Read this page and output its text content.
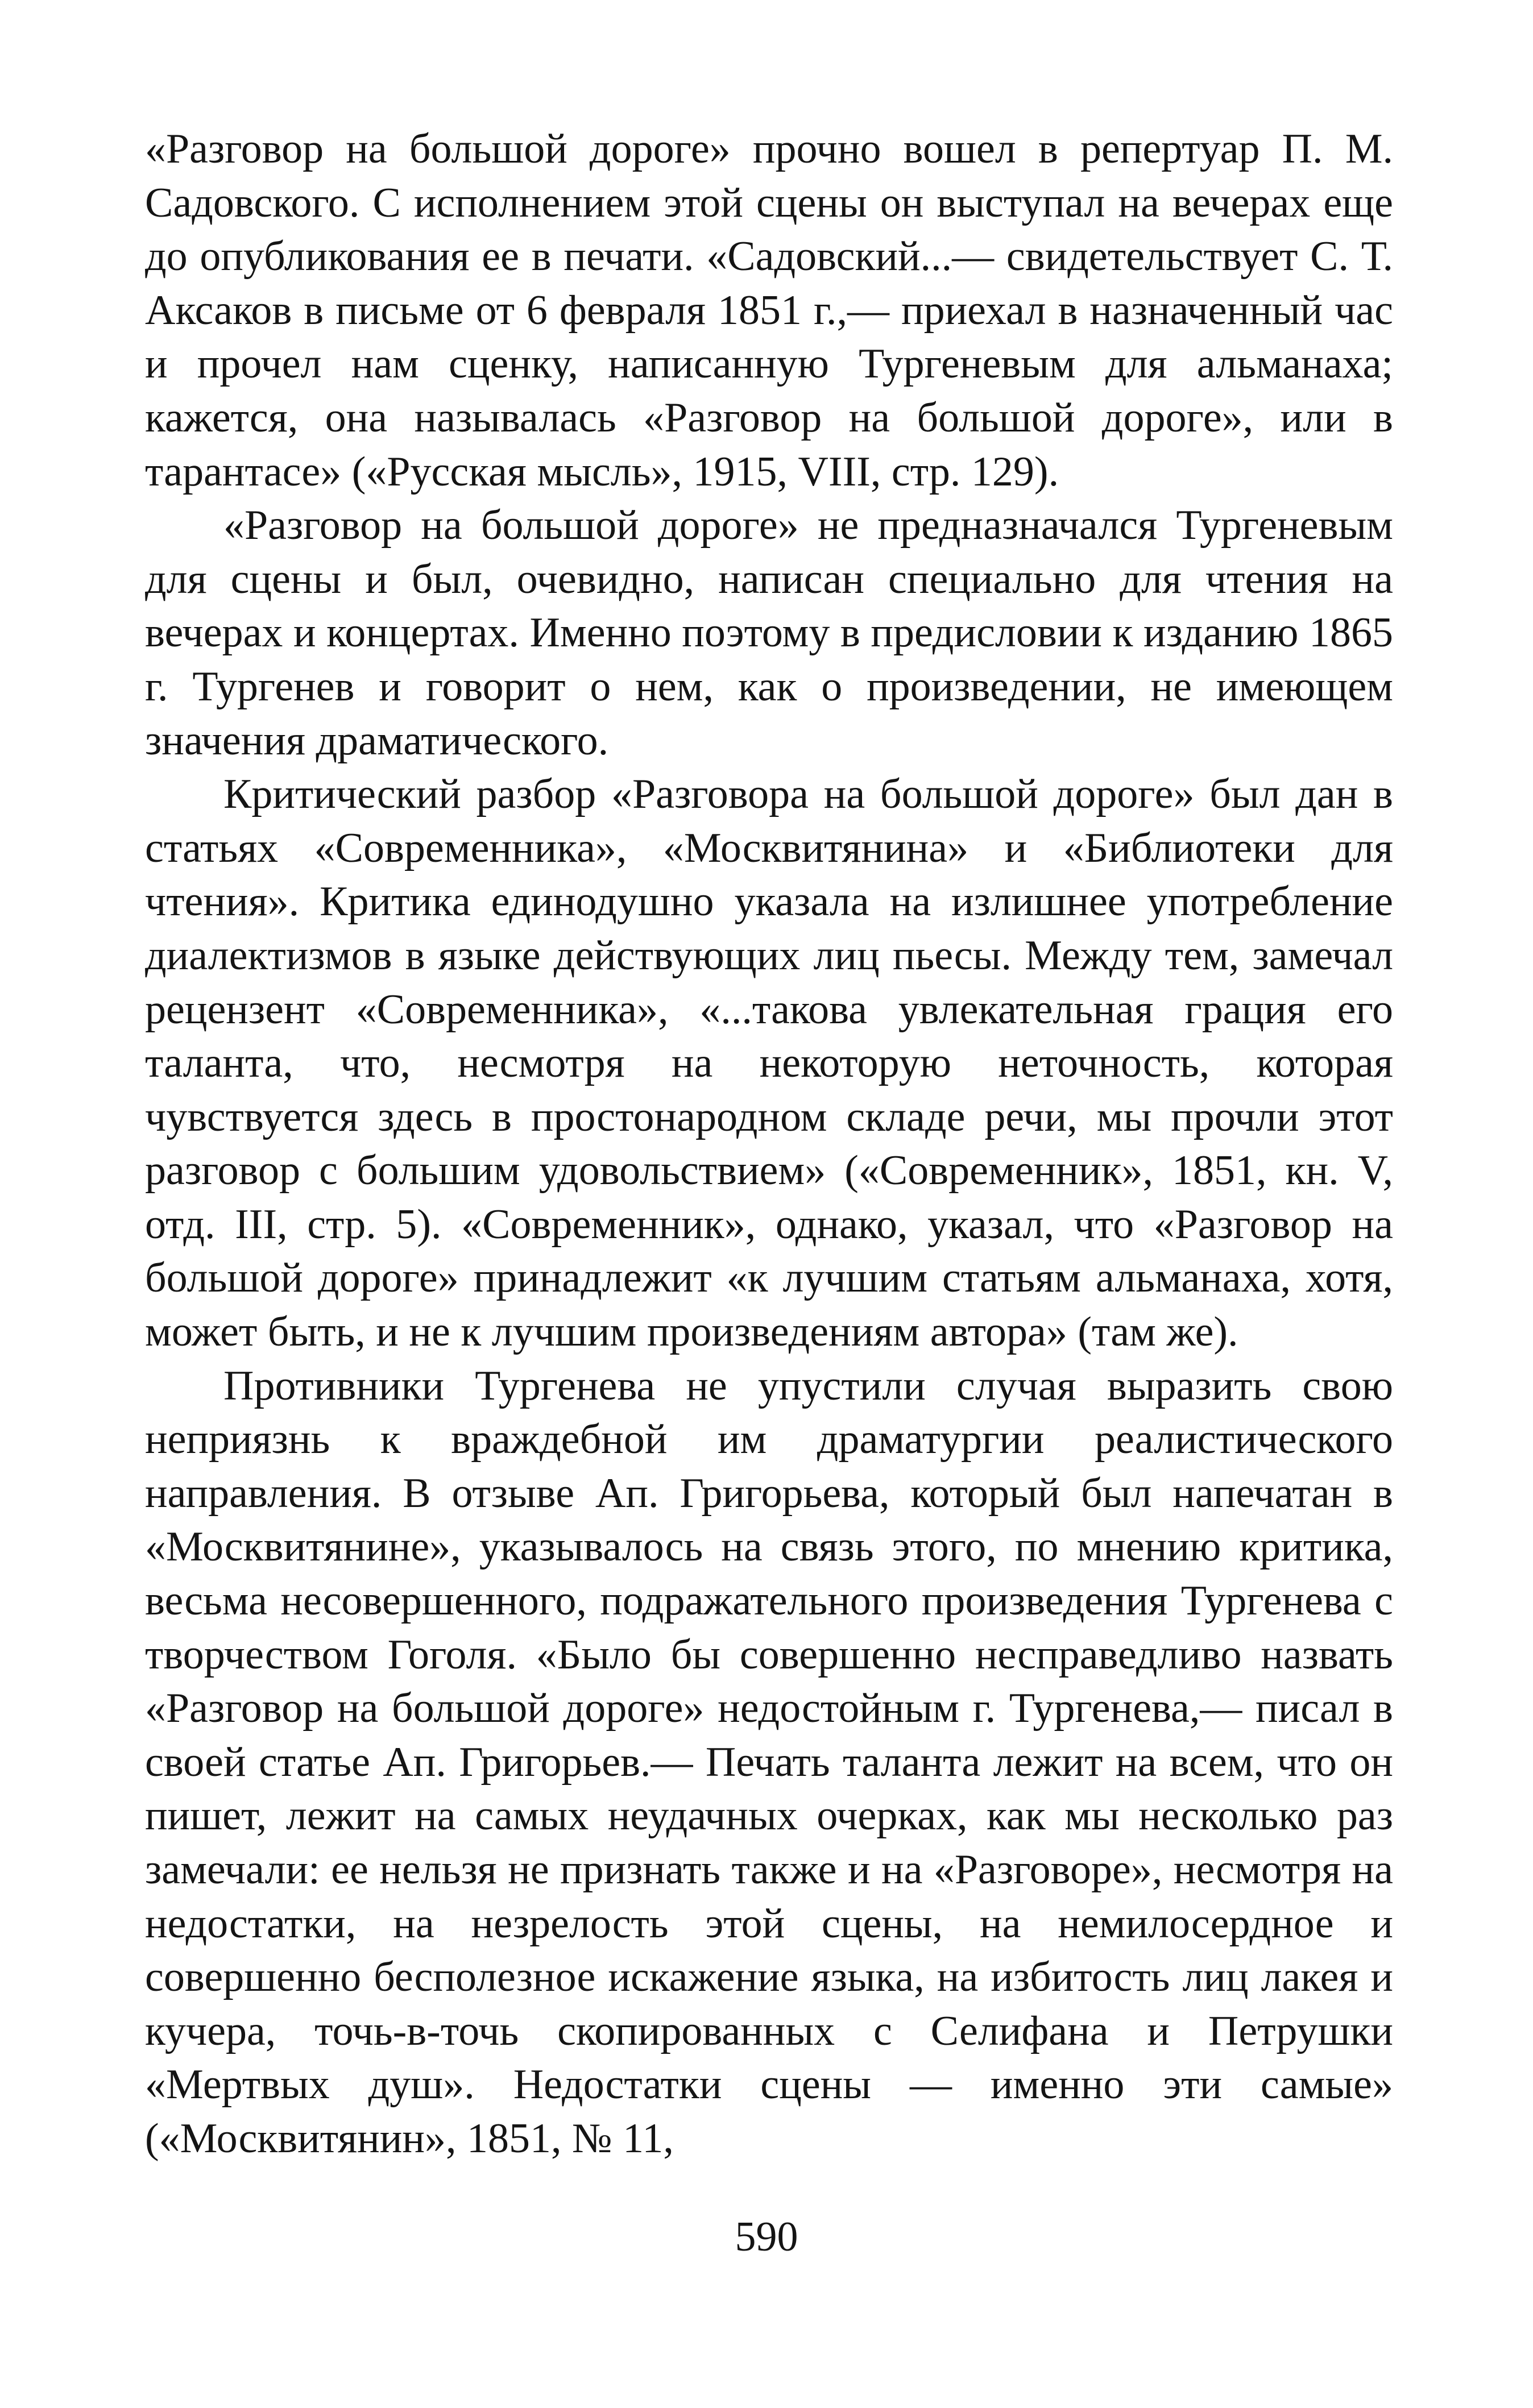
«Разговор на большой дороге» прочно вошел в репертуар П. М. Садовского. С исполнением этой сцены он выступал на вечерах еще до опубликования ее в печати. «Садовский...— свидетельствует С. Т. Аксаков в письме от 6 февраля 1851 г.,— приехал в назначенный час и прочел нам сценку, написанную Тургеневым для альманаха; кажется, она называлась «Разговор на большой дороге», или в тарантасе» («Русская мысль», 1915, VIII, стр. 129).

«Разговор на большой дороге» не предназначался Тургеневым для сцены и был, очевидно, написан специально для чтения на вечерах и концертах. Именно поэтому в предисловии к изданию 1865 г. Тургенев и говорит о нем, как о произведении, не имеющем значения драматического.

Критический разбор «Разговора на большой дороге» был дан в статьях «Современника», «Москвитянина» и «Библиотеки для чтения». Критика единодушно указала на излишнее употребление диалектизмов в языке действующих лиц пьесы. Между тем, замечал рецензент «Современника», «...такова увлекательная грация его таланта, что, несмотря на некоторую неточность, которая чувствуется здесь в простонародном складе речи, мы прочли этот разговор с большим удовольствием» («Современник», 1851, кн. V, отд. III, стр. 5). «Современник», однако, указал, что «Разговор на большой дороге» принадлежит «к лучшим статьям альманаха, хотя, может быть, и не к лучшим произведениям автора» (там же).

Противники Тургенева не упустили случая выразить свою неприязнь к враждебной им драматургии реалистического направления. В отзыве Ап. Григорьева, который был напечатан в «Москвитянине», указывалось на связь этого, по мнению критика, весьма несовершенного, подражательного произведения Тургенева с творчеством Гоголя. «Было бы совершенно несправедливо назвать «Разговор на большой дороге» недостойным г. Тургенева,— писал в своей статье Ап. Григорьев.— Печать таланта лежит на всем, что он пишет, лежит на самых неудачных очерках, как мы несколько раз замечали: ее нельзя не признать также и на «Разговоре», несмотря на недостатки, на незрелость этой сцены, на немилосердное и совершенно бесполезное искажение языка, на избитость лиц лакея и кучера, точь-в-точь скопированных с Селифана и Петрушки «Мертвых душ». Недостатки сцены — именно эти самые» («Москвитянин», 1851, № 11,

590
